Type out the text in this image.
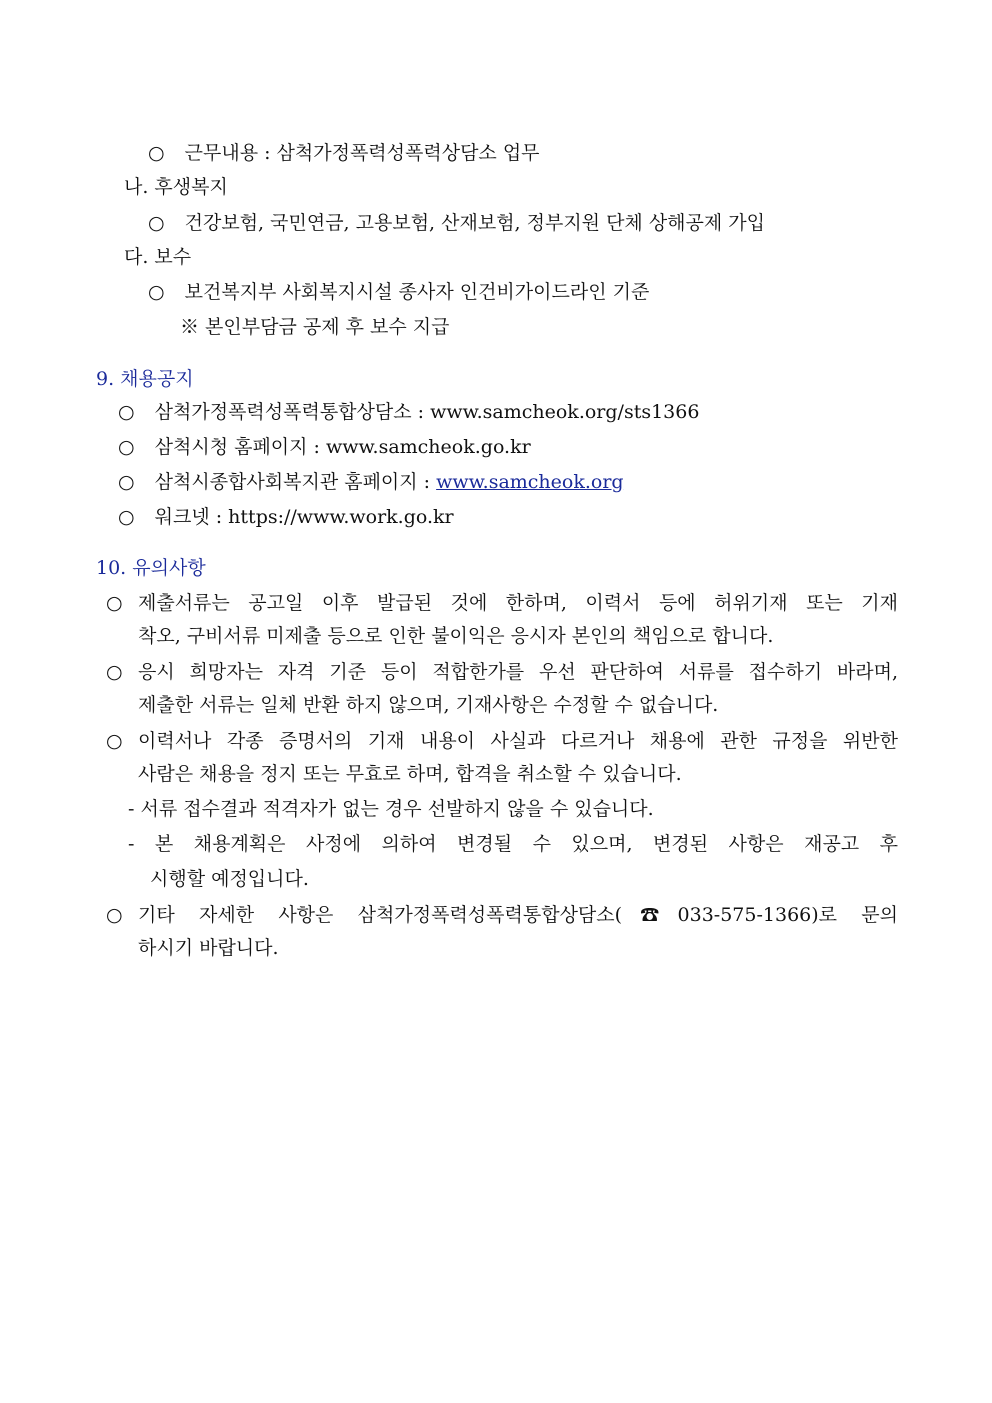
○ 근무내용 : 삼척가정폭력성폭력상담소 업무
나. 후생복지
○ 건강보험, 국민연금, 고용보험, 산재보험, 정부지원 단체 상해공제 가입
다. 보수
○ 보건복지부 사회복지시설 종사자 인건비가이드라인 기준
※ 본인부담금 공제 후 보수 지급
9. 채용공지
○ 삼척가정폭력성폭력통합상담소 : www.samcheok.org/sts1366
○ 삼척시청 홈페이지 : www.samcheok.go.kr
○ 삼척시종합사회복지관 홈페이지 : www.samcheok.org
○ 워크넷 : https://www.work.go.kr
10. 유의사항
○ 제출서류는 공고일 이후 발급된 것에 한하며, 이력서 등에 허위기재 또는 기재
착오, 구비서류 미제출 등으로 인한 불이익은 응시자 본인의 책임으로 합니다.
○ 응시 희망자는 자격 기준 등이 적합한가를 우선 판단하여 서류를 접수하기 바라며,
제출한 서류는 일체 반환 하지 않으며, 기재사항은 수정할 수 없습니다.
○ 이력서나 각종 증명서의 기재 내용이 사실과 다르거나 채용에 관한 규정을 위반한
사람은 채용을 정지 또는 무효로 하며, 합격을 취소할 수 있습니다.
- 서류 접수결과 적격자가 없는 경우 선발하지 않을 수 있습니다.
- 본 채용계획은 사정에 의하여 변경될 수 있으며, 변경된 사항은 재공고 후
시행할 예정입니다.
○ 기타 자세한 사항은 삼척가정폭력성폭력통합상담소(☎033-575-1366)로 문의
하시기 바랍니다.
